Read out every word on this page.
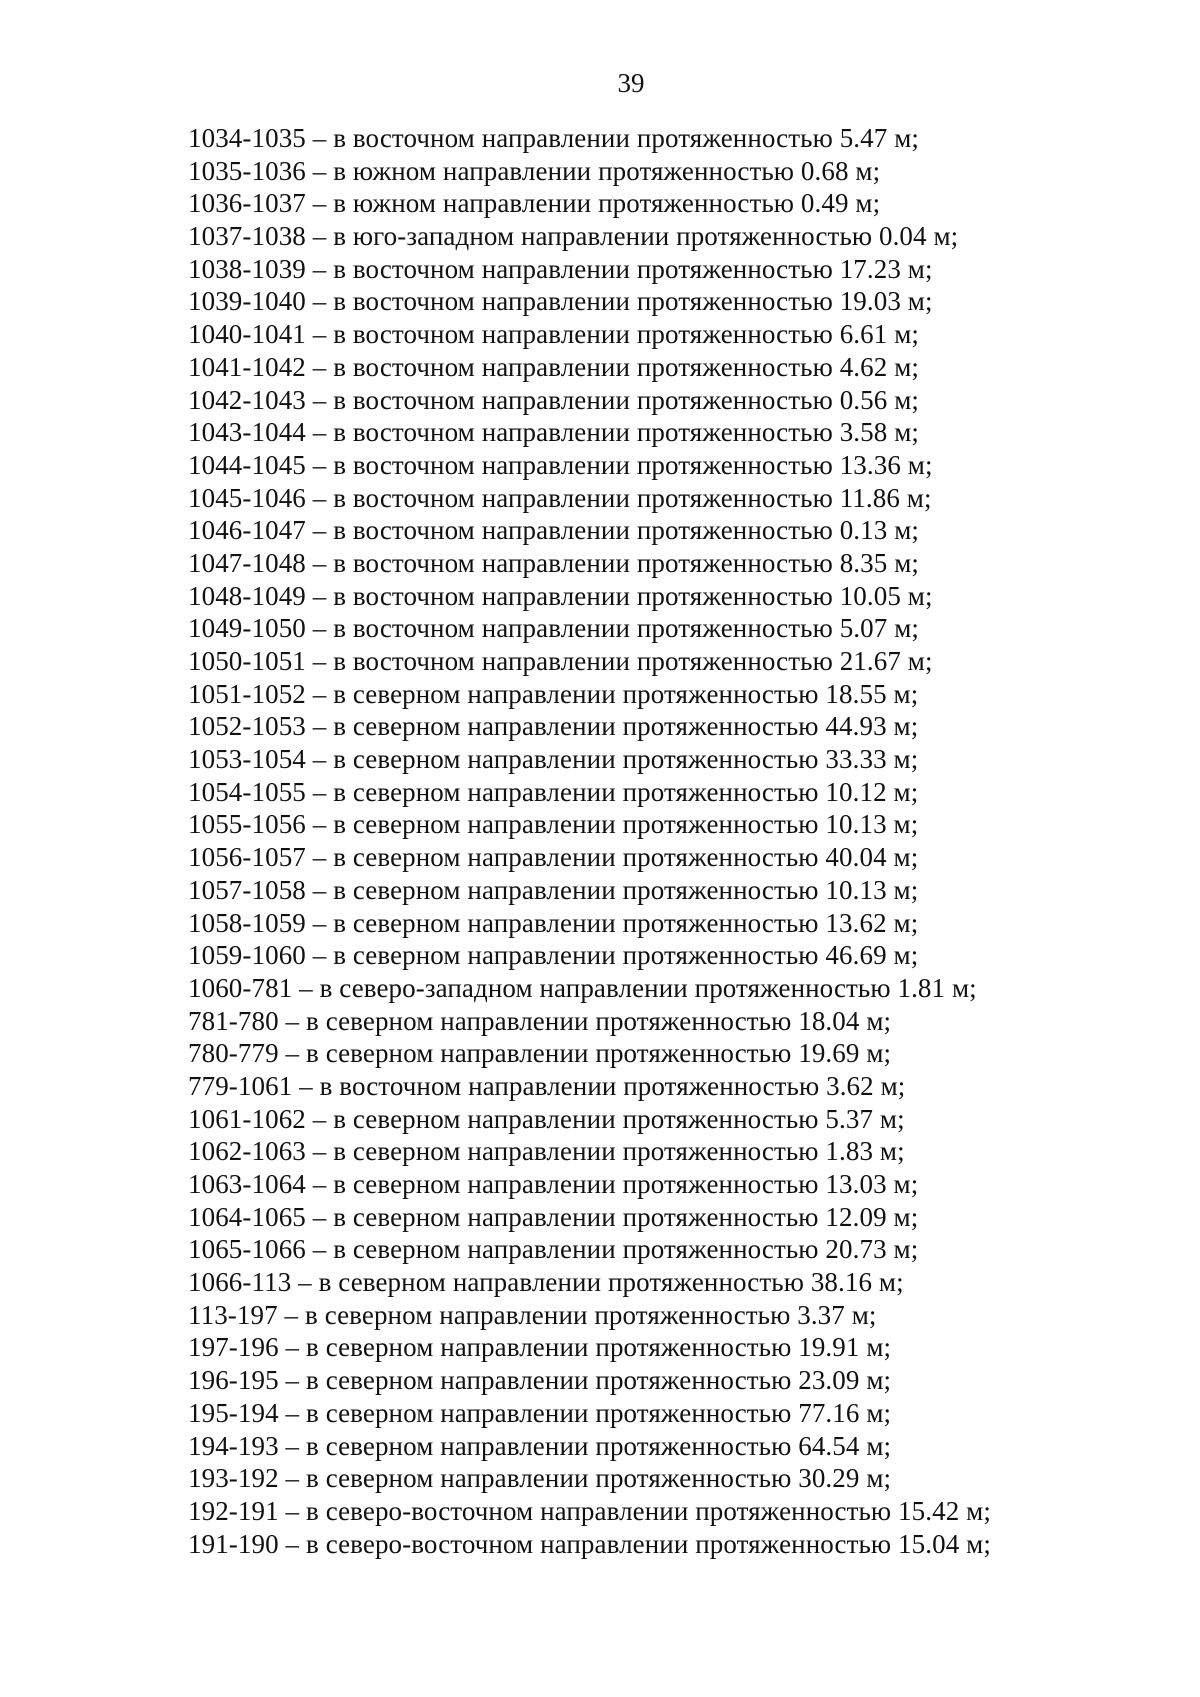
39
1034-1035 – в восточном направлении протяженностью 5.47 м;
1035-1036 – в южном направлении протяженностью 0.68 м;
1036-1037 – в южном направлении протяженностью 0.49 м;
1037-1038 – в юго-западном направлении протяженностью 0.04 м;
1038-1039 – в восточном направлении протяженностью 17.23 м;
1039-1040 – в восточном направлении протяженностью 19.03 м;
1040-1041 – в восточном направлении протяженностью 6.61 м;
1041-1042 – в восточном направлении протяженностью 4.62 м;
1042-1043 – в восточном направлении протяженностью 0.56 м;
1043-1044 – в восточном направлении протяженностью 3.58 м;
1044-1045 – в восточном направлении протяженностью 13.36 м;
1045-1046 – в восточном направлении протяженностью 11.86 м;
1046-1047 – в восточном направлении протяженностью 0.13 м;
1047-1048 – в восточном направлении протяженностью 8.35 м;
1048-1049 – в восточном направлении протяженностью 10.05 м;
1049-1050 – в восточном направлении протяженностью 5.07 м;
1050-1051 – в восточном направлении протяженностью 21.67 м;
1051-1052 – в северном направлении протяженностью 18.55 м;
1052-1053 – в северном направлении протяженностью 44.93 м;
1053-1054 – в северном направлении протяженностью 33.33 м;
1054-1055 – в северном направлении протяженностью 10.12 м;
1055-1056 – в северном направлении протяженностью 10.13 м;
1056-1057 – в северном направлении протяженностью 40.04 м;
1057-1058 – в северном направлении протяженностью 10.13 м;
1058-1059 – в северном направлении протяженностью 13.62 м;
1059-1060 – в северном направлении протяженностью 46.69 м;
1060-781 – в северо-западном направлении протяженностью 1.81 м;
781-780 – в северном направлении протяженностью 18.04 м;
780-779 – в северном направлении протяженностью 19.69 м;
779-1061 – в восточном направлении протяженностью 3.62 м;
1061-1062 – в северном направлении протяженностью 5.37 м;
1062-1063 – в северном направлении протяженностью 1.83 м;
1063-1064 – в северном направлении протяженностью 13.03 м;
1064-1065 – в северном направлении протяженностью 12.09 м;
1065-1066 – в северном направлении протяженностью 20.73 м;
1066-113 – в северном направлении протяженностью 38.16 м;
113-197 – в северном направлении протяженностью 3.37 м;
197-196 – в северном направлении протяженностью 19.91 м;
196-195 – в северном направлении протяженностью 23.09 м;
195-194 – в северном направлении протяженностью 77.16 м;
194-193 – в северном направлении протяженностью 64.54 м;
193-192 – в северном направлении протяженностью 30.29 м;
192-191 – в северо-восточном направлении протяженностью 15.42 м;
191-190 – в северо-восточном направлении протяженностью 15.04 м;
